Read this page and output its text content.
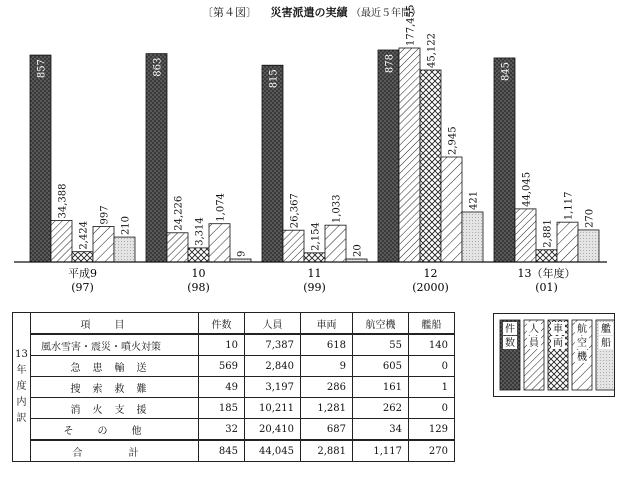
〔第４図〕 災害派遣の実績 （最近５年間）
857	863
815
878	845
34,388	24,226	26,367
177,455
44,045
2,424	3,314	2,154
45,122
2,881
997	1,074	1,033
2,945
1,117
210
9	20
421
270
平成9
(97)
10
(98)
11
(99)
12
(2000)
13（年度）
(01)
13
年
度
内
訳	項目	件数	人員	車両	航空機	艦船
	風水雪害・震災・噴火対策	10	7,387	618	55	140
	急患輸送	569	2,840	9	605	0
	捜索救難	49	3,197	286	161	1
	消火支援	185	10,211	1,281	262	0
	その他	32	20,410	687	34	129
	合　計	845	44,045	2,881	1,117	270
件
数
人
員
車
両
航
空
機
艦
船
